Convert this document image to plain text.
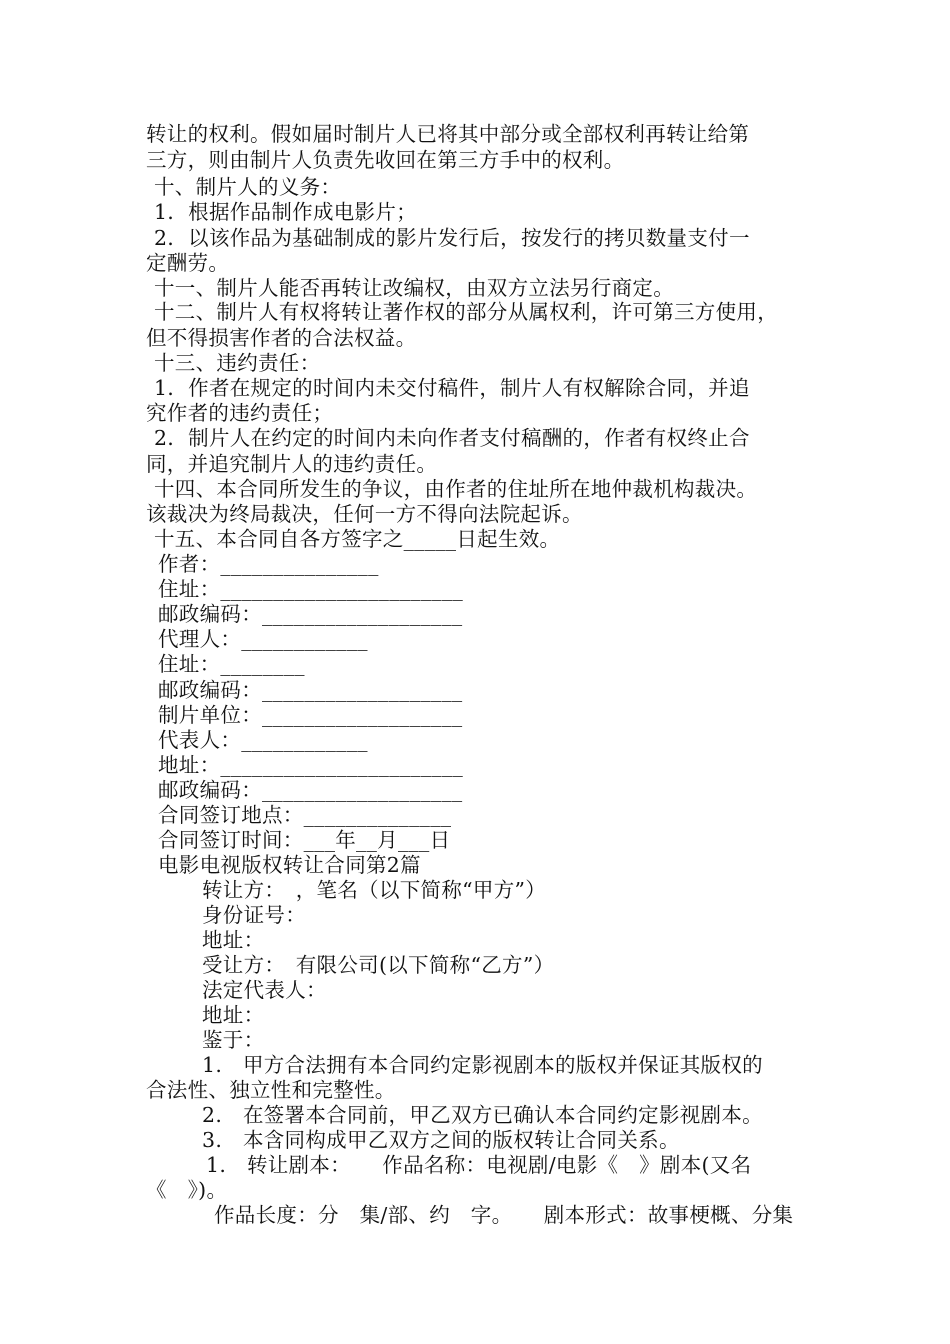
转让的权利。假如届时制片人已将其中部分或全部权利再转让给第
三方，则由制片人负责先收回在第三方手中的权利。
十、制片人的义务：
1．根据作品制作成电影片；
2．以该作品为基础制成的影片发行后，按发行的拷贝数量支付一
定酬劳。
十一、制片人能否再转让改编权，由双方立法另行商定。
十二、制片人有权将转让著作权的部分从属权利，许可第三方使用，
但不得损害作者的合法权益。
十三、违约责任：
1．作者在规定的时间内未交付稿件，制片人有权解除合同，并追
究作者的违约责任；
2．制片人在约定的时间内未向作者支付稿酬的，作者有权终止合
同，并追究制片人的违约责任。
十四、本合同所发生的争议，由作者的住址所在地仲裁机构裁决。
该裁决为终局裁决，任何一方不得向法院起诉。
十五、本合同自各方签字之_____日起生效。
作者：_______________
住址：_______________________
邮政编码：___________________
代理人：____________
住址：________
邮政编码：___________________
制片单位：___________________
代表人：____________
地址：_______________________
邮政编码：___________________
合同签订地点：______________
合同签订时间：___年__月___日
电影电视版权转让合同第2篇
转让方：　，笔名（以下简称“甲方”）
身份证号：
地址：
受让方：　有限公司(以下简称“乙方”）
法定代表人：
地址：
鉴于：
1.　甲方合法拥有本合同约定影视剧本的版权并保证其版权的
合法性、独立性和完整性。
2.　在签署本合同前，甲乙双方已确认本合同约定影视剧本。
3.　本含同构成甲乙双方之间的版权转让合同关系。
1.　转让剧本：　　作品名称：电视剧/电影《　》剧本(又名
《　》)。
作品长度：分　集/部、约　字。　　剧本形式：故事梗概、分集
